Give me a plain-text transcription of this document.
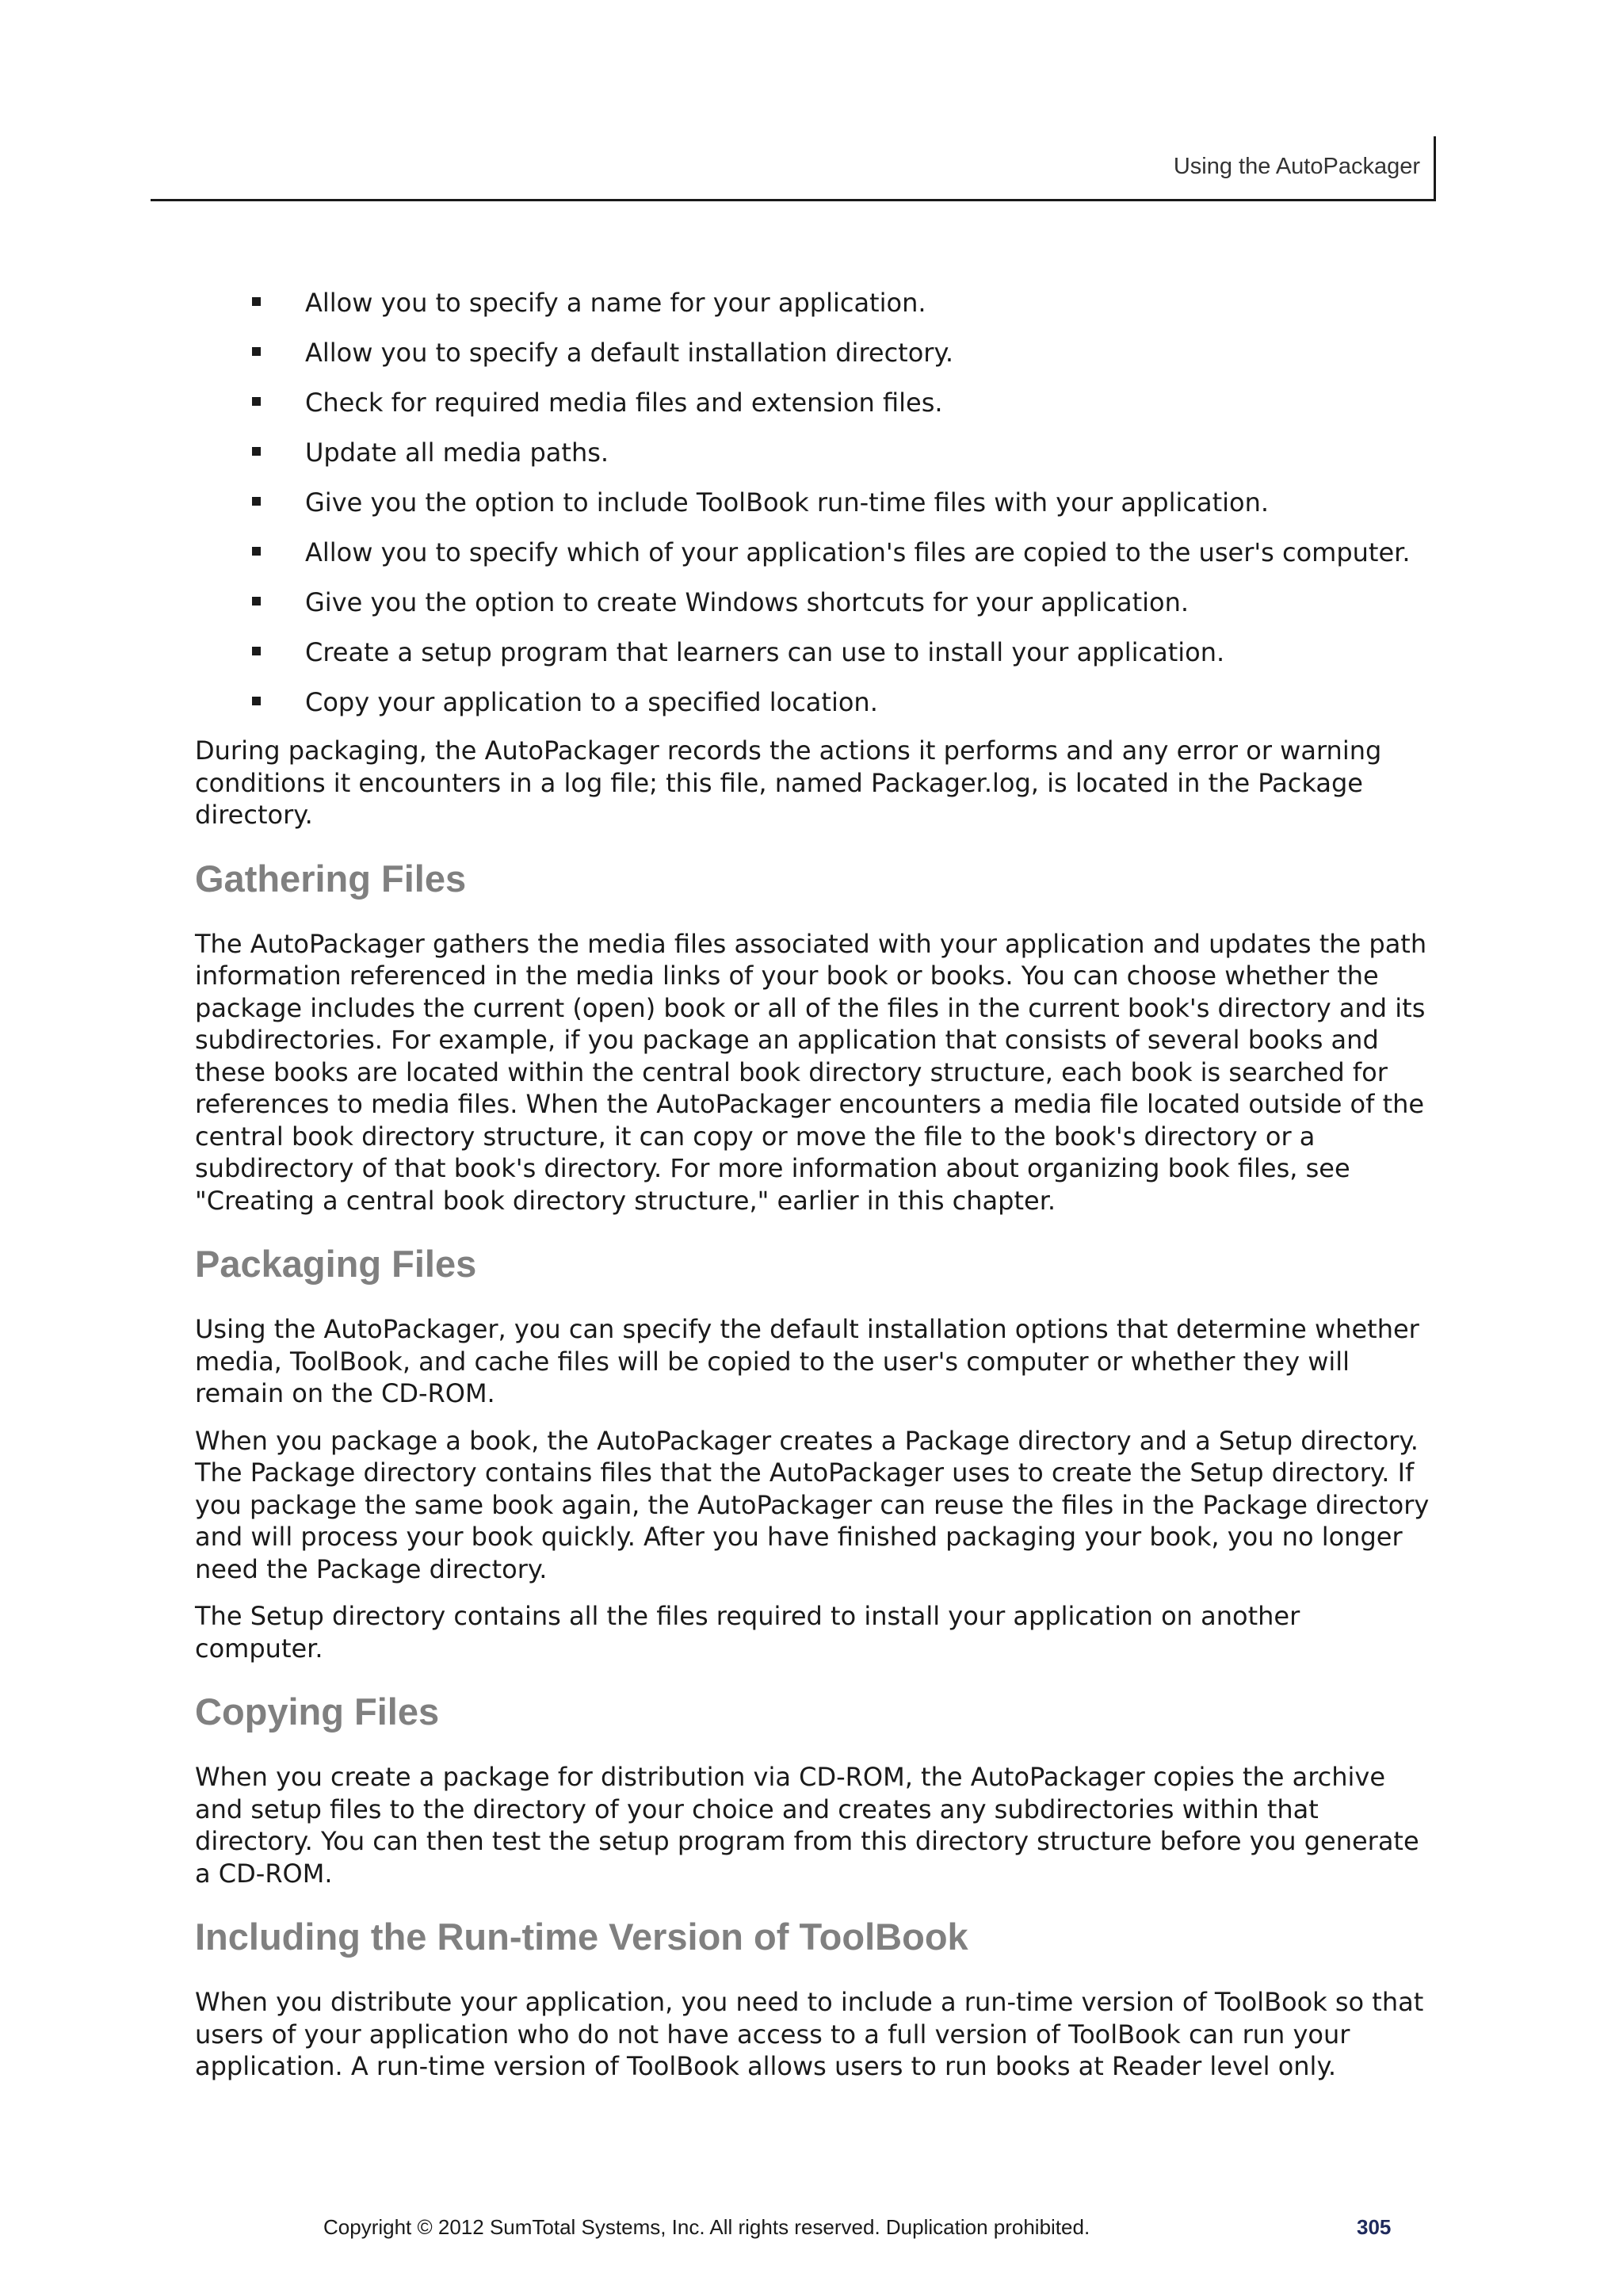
Using the AutoPackager
Allow you to specify a name for your application.
Allow you to specify a default installation directory.
Check for required media files and extension files.
Update all media paths.
Give you the option to include ToolBook run-time files with your application.
Allow you to specify which of your application's files are copied to the user's computer.
Give you the option to create Windows shortcuts for your application.
Create a setup program that learners can use to install your application.
Copy your application to a specified location.

During packaging, the AutoPackager records the actions it performs and any error or warning conditions it encounters in a log file; this file, named Packager.log, is located in the Package directory.

Gathering Files

The AutoPackager gathers the media files associated with your application and updates the path information referenced in the media links of your book or books. You can choose whether the package includes the current (open) book or all of the files in the current book's directory and its subdirectories. For example, if you package an application that consists of several books and these books are located within the central book directory structure, each book is searched for references to media files. When the AutoPackager encounters a media file located outside of the central book directory structure, it can copy or move the file to the book's directory or a subdirectory of that book's directory. For more information about organizing book files, see "Creating a central book directory structure," earlier in this chapter.

Packaging Files

Using the AutoPackager, you can specify the default installation options that determine whether media, ToolBook, and cache files will be copied to the user's computer or whether they will remain on the CD-ROM.

When you package a book, the AutoPackager creates a Package directory and a Setup directory. The Package directory contains files that the AutoPackager uses to create the Setup directory. If you package the same book again, the AutoPackager can reuse the files in the Package directory and will process your book quickly. After you have finished packaging your book, you no longer need the Package directory.

The Setup directory contains all the files required to install your application on another computer.

Copying Files

When you create a package for distribution via CD-ROM, the AutoPackager copies the archive and setup files to the directory of your choice and creates any subdirectories within that directory. You can then test the setup program from this directory structure before you generate a CD-ROM.

Including the Run-time Version of ToolBook

When you distribute your application, you need to include a run-time version of ToolBook so that users of your application who do not have access to a full version of ToolBook can run your application. A run-time version of ToolBook allows users to run books at Reader level only.

Copyright © 2012 SumTotal Systems, Inc. All rights reserved. Duplication prohibited.	305
